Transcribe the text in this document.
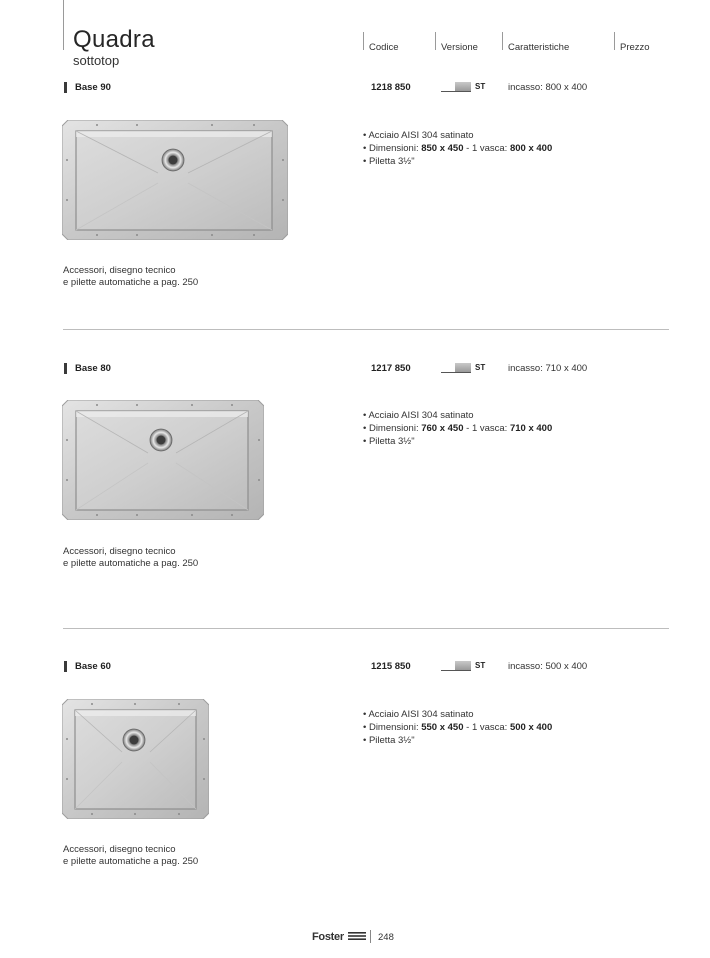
Quadra
sottotop
Codice	Versione	Caratteristiche	Prezzo
Base 90	1218 850	ST incasso: 800 x 400
• Acciaio AISI 304 satinato
• Dimensioni: 850 x 450 - 1 vasca: 800 x 400
• Piletta 3½"
Accessori, disegno tecnico
e pilette automatiche a pag. 250
Base 80	1217 850	ST incasso: 710 x 400
• Acciaio AISI 304 satinato
• Dimensioni: 760 x 450 - 1 vasca: 710 x 400
• Piletta 3½"
Accessori, disegno tecnico
e pilette automatiche a pag. 250
Base 60	1215 850	ST incasso: 500 x 400
• Acciaio AISI 304 satinato
• Dimensioni: 550 x 450 - 1 vasca: 500 x 400
• Piletta 3½"
Accessori, disegno tecnico
e pilette automatiche a pag. 250
Foster	248
